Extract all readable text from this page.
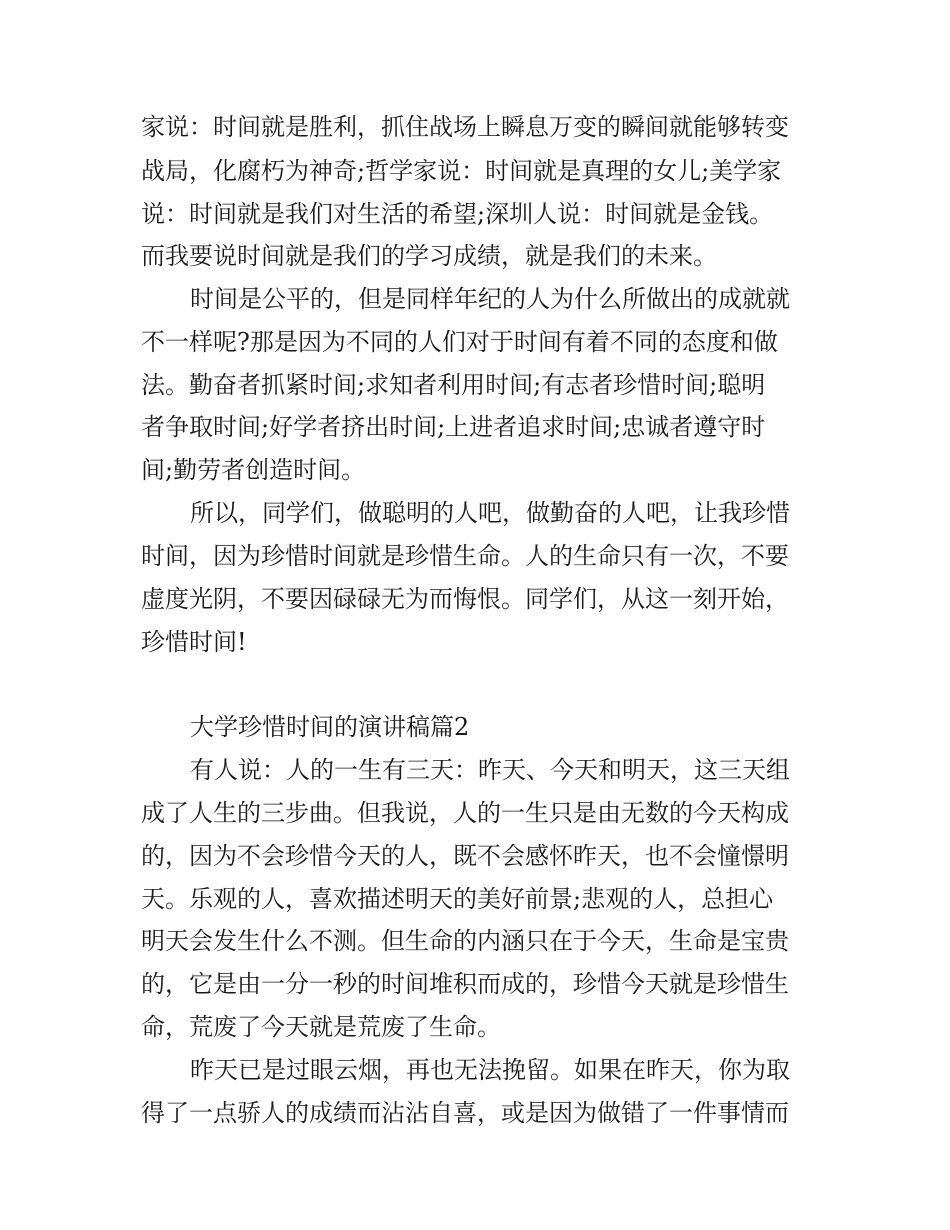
家说：时间就是胜利，抓住战场上瞬息万变的瞬间就能够转变
战局，化腐朽为神奇;哲学家说：时间就是真理的女儿;美学家
说：时间就是我们对生活的希望;深圳人说：时间就是金钱。
而我要说时间就是我们的学习成绩，就是我们的未来。
时间是公平的，但是同样年纪的人为什么所做出的成就就
不一样呢?那是因为不同的人们对于时间有着不同的态度和做
法。勤奋者抓紧时间;求知者利用时间;有志者珍惜时间;聪明
者争取时间;好学者挤出时间;上进者追求时间;忠诚者遵守时
间;勤劳者创造时间。
所以，同学们，做聪明的人吧，做勤奋的人吧，让我珍惜
时间，因为珍惜时间就是珍惜生命。人的生命只有一次，不要
虚度光阴，不要因碌碌无为而悔恨。同学们，从这一刻开始，
珍惜时间!
大学珍惜时间的演讲稿篇2
有人说：人的一生有三天：昨天、今天和明天，这三天组
成了人生的三步曲。但我说，人的一生只是由无数的今天构成
的，因为不会珍惜今天的人，既不会感怀昨天，也不会憧憬明
天。乐观的人，喜欢描述明天的美好前景;悲观的人，总担心
明天会发生什么不测。但生命的内涵只在于今天，生命是宝贵
的，它是由一分一秒的时间堆积而成的，珍惜今天就是珍惜生
命，荒废了今天就是荒废了生命。
昨天已是过眼云烟，再也无法挽留。如果在昨天，你为取
得了一点骄人的成绩而沾沾自喜，或是因为做错了一件事情而
